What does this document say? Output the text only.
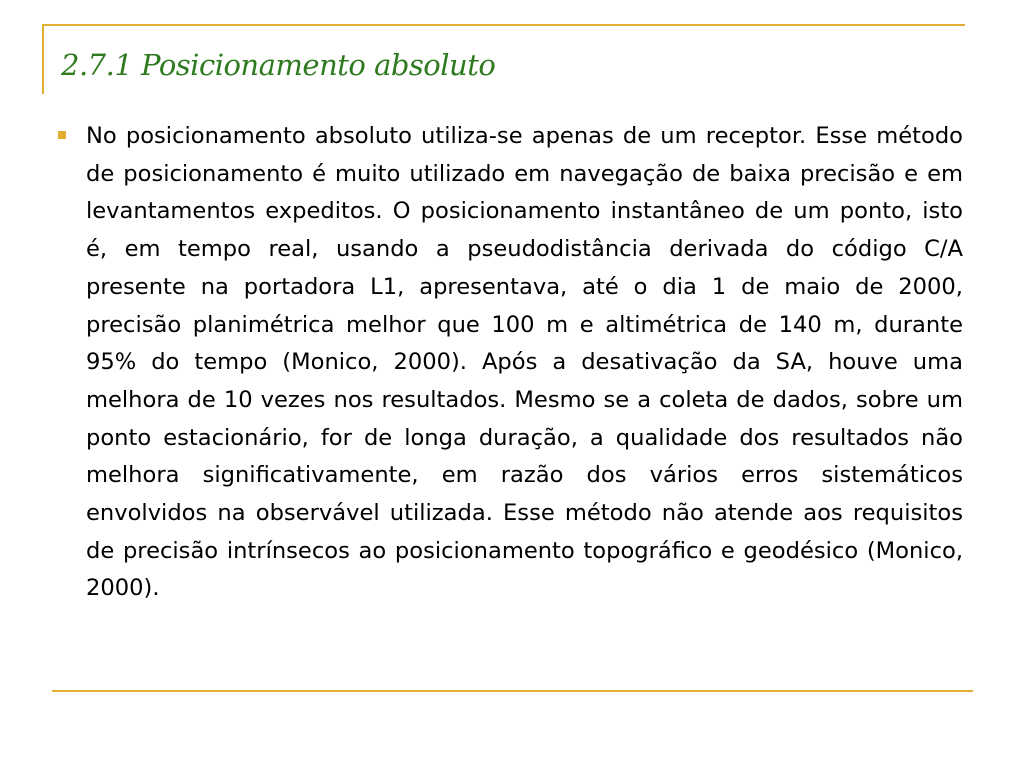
2.7.1 Posicionamento absoluto

No posicionamento absoluto utiliza-se apenas de um receptor. Esse método de posicionamento é muito utilizado em navegação de baixa precisão e em levantamentos expeditos. O posicionamento instantâneo de um ponto, isto é, em tempo real, usando a pseudodistância derivada do código C/A presente na portadora L1, apresentava, até o dia 1 de maio de 2000, precisão planimétrica melhor que 100 m e altimétrica de 140 m, durante 95% do tempo (Monico, 2000). Após a desativação da SA, houve uma melhora de 10 vezes nos resultados. Mesmo se a coleta de dados, sobre um ponto estacionário, for de longa duração, a qualidade dos resultados não melhora significativamente, em razão dos vários erros sistemáticos envolvidos na observável utilizada. Esse método não atende aos requisitos de precisão intrínsecos ao posicionamento topográfico e geodésico (Monico, 2000).
